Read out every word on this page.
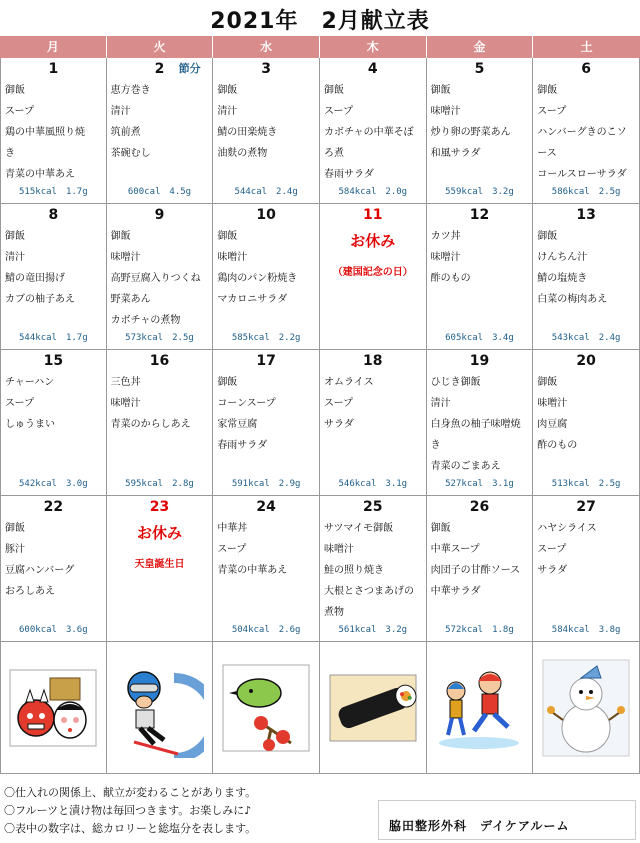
2021年　2月献立表
月	火	水	木	金	土
1
御飯
スープ
鶏の中華風照り焼
き
青菜の中華あえ
515kcal　1.7g
2	節分
恵方巻き
清汁
筑前煮
茶碗むし
600cal　4.5g
3
御飯
清汁
鯖の田楽焼き
油麩の煮物
544cal　2.4g
4
御飯
スープ
カボチャの中華そぼ
ろ煮
春雨サラダ
584kcal　2.0g
5
御飯
味噌汁
炒り卵の野菜あん
和風サラダ
559kcal　3.2g
6
御飯
スープ
ハンバーグきのこソ
ース
コールスローサラダ
586kcal　2.5g
8
御飯
清汁
鯖の竜田揚げ
カブの柚子あえ
544kcal　1.7g
9
御飯
味噌汁
高野豆腐入りつくね
野菜あん
カボチャの煮物
573kcal　2.5g
10
御飯
味噌汁
鶏肉のパン粉焼き
マカロニサラダ
585kcal　2.2g
11
お休み
（建国記念の日）
12
カツ丼
味噌汁
酢のもの
605kcal　3.4g
13
御飯
けんちん汁
鯖の塩焼き
白菜の梅肉あえ
543kcal　2.4g
15
チャーハン
スープ
しゅうまい
542kcal　3.0g
16
三色丼
味噌汁
青菜のからしあえ
595kcal　2.8g
17
御飯
コーンスープ
家常豆腐
春雨サラダ
591kcal　2.9g
18
オムライス
スープ
サラダ
546kcal　3.1g
19
ひじき御飯
清汁
白身魚の柚子味噌焼
き
青菜のごまあえ
527kcal　3.1g
20
御飯
味噌汁
肉豆腐
酢のもの
513kcal　2.5g
22
御飯
豚汁
豆腐ハンバーグ
おろしあえ
600kcal　3.6g
23
お休み
天皇誕生日
24
中華丼
スープ
青菜の中華あえ
504kcal　2.6g
25
サツマイモ御飯
味噌汁
鮭の照り焼き
大根とさつまあげの
煮物
561kcal　3.2g
26
御飯
中華スープ
肉団子の甘酢ソース
中華サラダ
572kcal　1.8g
27
ハヤシライス
スープ
サラダ
584kcal　3.8g
〇仕入れの関係上、献立が変わることがあります。
〇フルーツと漬け物は毎回つきます。お楽しみに♪
〇表中の数字は、総カロリーと総塩分を表します。	脇田整形外科　デイケアルーム
